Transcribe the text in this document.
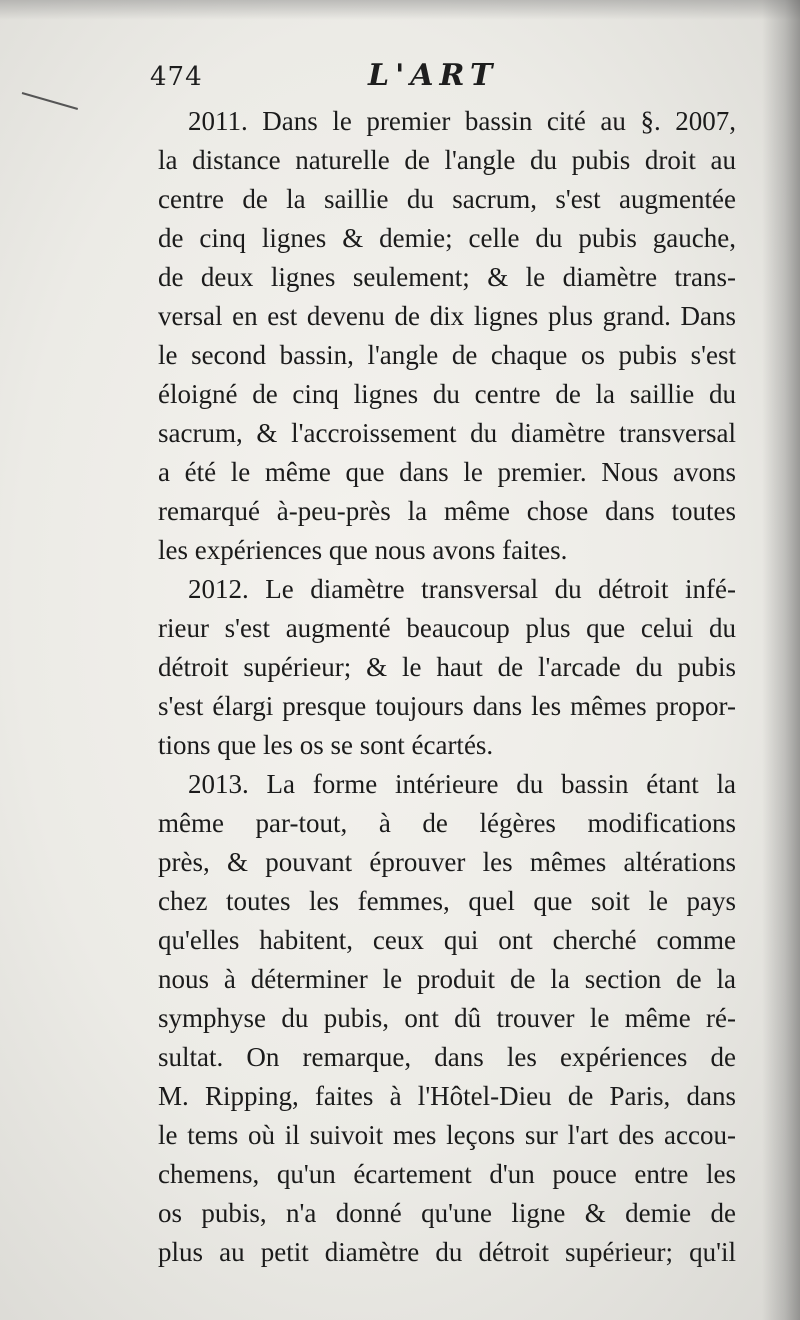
474	L'ART
2011. Dans le premier bassin cité au §. 2007,
la distance naturelle de l'angle du pubis droit au
centre de la saillie du sacrum, s'est augmentée
de cinq lignes & demie; celle du pubis gauche,
de deux lignes seulement; & le diamètre trans-
versal en est devenu de dix lignes plus grand. Dans
le second bassin, l'angle de chaque os pubis s'est
éloigné de cinq lignes du centre de la saillie du
sacrum, & l'accroissement du diamètre transversal
a été le même que dans le premier. Nous avons
remarqué à-peu-près la même chose dans toutes
les expériences que nous avons faites.
2012. Le diamètre transversal du détroit infé-
rieur s'est augmenté beaucoup plus que celui du
détroit supérieur; & le haut de l'arcade du pubis
s'est élargi presque toujours dans les mêmes propor-
tions que les os se sont écartés.
2013. La forme intérieure du bassin étant la
même par-tout, à de légères modifications
près, & pouvant éprouver les mêmes altérations
chez toutes les femmes, quel que soit le pays
qu'elles habitent, ceux qui ont cherché comme
nous à déterminer le produit de la section de la
symphyse du pubis, ont dû trouver le même ré-
sultat. On remarque, dans les expériences de
M. Ripping, faites à l'Hôtel-Dieu de Paris, dans
le tems où il suivoit mes leçons sur l'art des accou-
chemens, qu'un écartement d'un pouce entre les
os pubis, n'a donné qu'une ligne & demie de
plus au petit diamètre du détroit supérieur; qu'il
